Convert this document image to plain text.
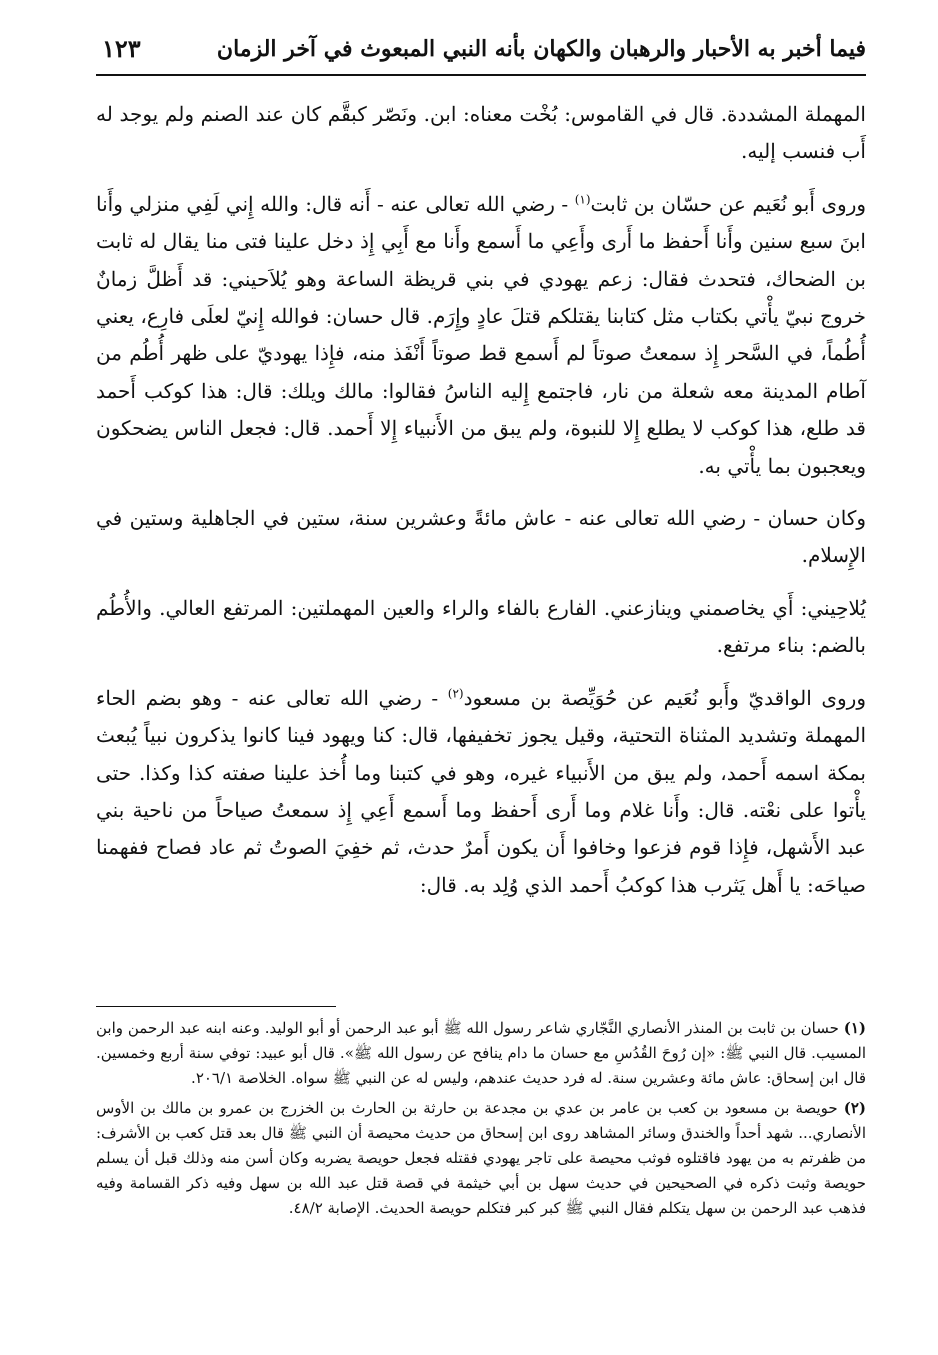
فيما أخبر به الأحبار والرهبان والكهان بأنه النبي المبعوث في آخر الزمان
١٢٣

المهملة المشددة. قال في القاموس: بُخْت معناه: ابن. ونَصّر كبقَّم كان عند الصنم ولم يوجد له أَب فنسب إليه.

وروى أَبو نُعَيم عن حسّان بن ثابت$^{(١)}$ - رضي الله تعالى عنه - أَنه قال: والله إِني لَفِي منزلي وأَنا ابنَ سبع سنين وأَنا أَحفظ ما أَرى وأَعِي ما أَسمع وأَنا مع أَبِي إِذ دخل علينا فتى منا يقال له ثابت بن الضحاك، فتحدث فقال: زعم يهودي في بني قريظة الساعة وهو يُلاَحيني: قد أَظلَّ زمانٌ خروج نبيّ يأْتي بكتاب مثل كتابنا يقتلكم قتلَ عادٍ وإِرَم. قال حسان: فوالله إِنيّ لعلَى فارِع، يعني أُطُماً، في السَّحر إِذ سمعتُ صوتاً لم أَسمع قط صوتاً أَنْفَذ منه، فإِذا يهوديّ على ظهر أُطُم من آطام المدينة معه شعلة من نار، فاجتمع إِليه الناسُ فقالوا: مالك ويلك: قال: هذا كوكب أَحمد قد طلع، هذا كوكب لا يطلع إِلا للنبوة، ولم يبق من الأَنبياء إِلا أَحمد. قال: فجعل الناس يضحكون ويعجبون بما يأْتي به.

وكان حسان - رضي الله تعالى عنه - عاش مائةً وعشرين سنة، ستين في الجاهلية وستين في الإِسلام.

يُلاحِيني: أَي يخاصمني وينازعني. الفارع بالفاء والراء والعين المهملتين: المرتفع العالي. والأُطُم بالضم: بناء مرتفع.

وروى الواقديّ وأَبو نُعَيم عن حُوَيِّصة بن مسعود$^{(٢)}$ - رضي الله تعالى عنه - وهو بضم الحاء المهملة وتشديد المثناة التحتية، وقيل يجوز تخفيفها، قال: كنا ويهود فينا كانوا يذكرون نبياً يُبعث بمكة اسمه أَحمد، ولم يبق من الأَنبياء غيره، وهو في كتبنا وما أُخذ علينا صفته كذا وكذا. حتى يأْتوا على نعْته. قال: وأَنا غلام وما أَرى أَحفظ وما أَسمع أَعِي إِذ سمعتُ صياحاً من ناحية بني عبد الأَشهل، فإِذا قوم فزعوا وخافوا أَن يكون أَمرٌ حدث، ثم خفِيَ الصوتُ ثم عاد فصاح ففهمنا صياحَه: يا أَهل يَثرب هذا كوكبُ أَحمد الذي وُلِد به. قال:

(١) حسان بن ثابت بن المنذر الأنصاري النَّجّاري شاعر رسول الله ﷺ أبو عبد الرحمن أو أبو الوليد. وعنه ابنه عبد الرحمن وابن المسيب. قال النبي ﷺ: «إن رُوحَ القُدُسِ مع حسان ما دام ينافح عن رسول الله ﷺ». قال أبو عبيد: توفي سنة أربع وخمسين. قال ابن إسحاق: عاش مائة وعشرين سنة. له فرد حديث عندهم، وليس له عن النبي ﷺ سواه. الخلاصة ٢٠٦/١.

(٢) حويصة بن مسعود بن كعب بن عامر بن عدي بن مجدعة بن حارثة بن الحارث بن الخزرج بن عمرو بن مالك بن الأوس الأنصاري... شهد أحداً والخندق وسائر المشاهد روى ابن إسحاق من حديث محيصة أن النبي ﷺ قال بعد قتل كعب بن الأشرف: من ظفرتم به من يهود فاقتلوه فوثب محيصة على تاجر يهودي فقتله فجعل حويصة يضربه وكان أسن منه وذلك قبل أن يسلم حويصة وثبت ذكره في الصحيحين في حديث سهل بن أبي خيثمة في قصة قتل عبد الله بن سهل وفيه ذكر القسامة وفيه فذهب عبد الرحمن بن سهل يتكلم فقال النبي ﷺ كبر كبر فتكلم حويصة الحديث. الإصابة ٤٨/٢.
